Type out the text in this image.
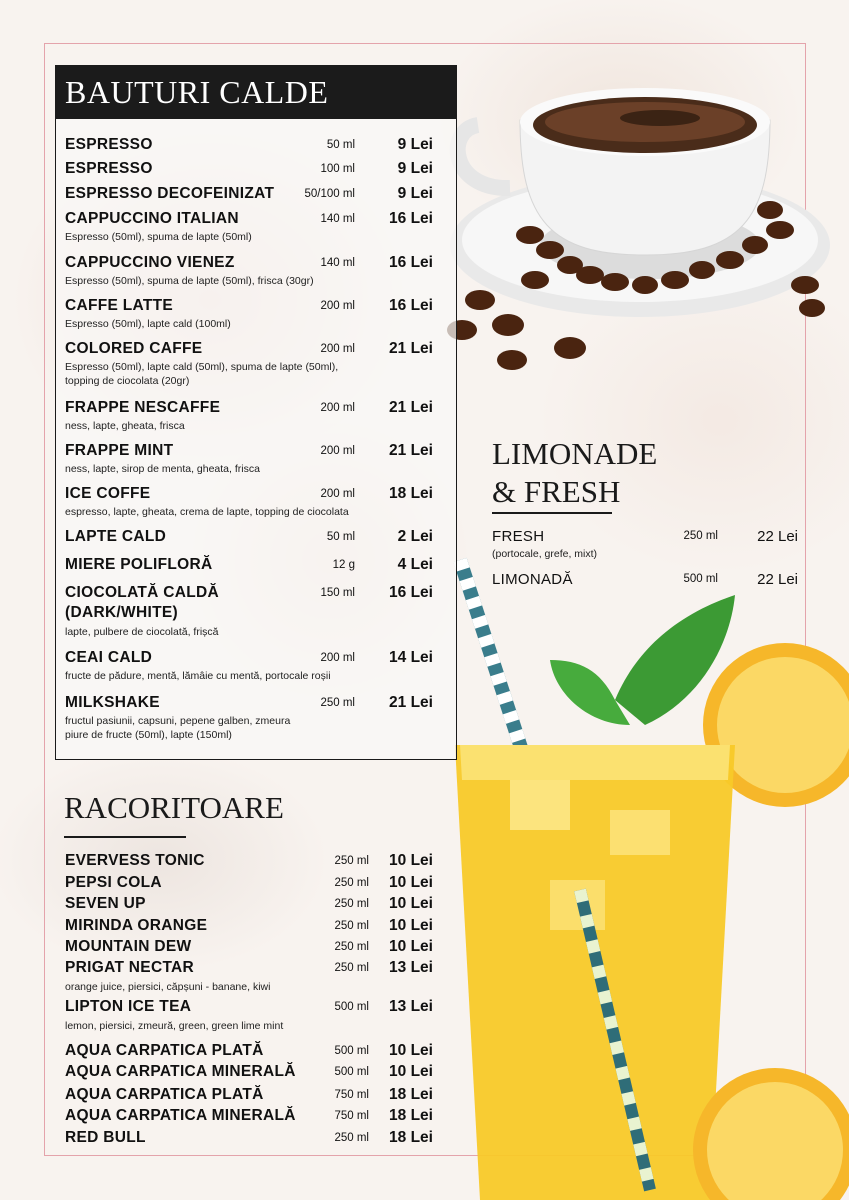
BAUTURI CALDE
ESPRESSO	50 ml	9 Lei
ESPRESSO	100 ml	9 Lei
ESPRESSO DECOFEINIZAT	50/100 ml	9 Lei
CAPPUCCINO ITALIAN	140 ml 16 Lei
Espresso (50ml), spuma de lapte (50ml)
CAPPUCCINO VIENEZ	140 ml 16 Lei
Espresso (50ml), spuma de lapte (50ml), frisca (30gr)
CAFFE LATTE	200 ml 16 Lei
Espresso (50ml), lapte cald (100ml)
COLORED CAFFE	200 ml 21 Lei
Espresso (50ml), lapte cald (50ml), spuma de lapte (50ml),
topping de ciocolata (20gr)
FRAPPE NESCAFFE	200 ml 21 Lei
ness, lapte, gheata, frisca
FRAPPE MINT	200 ml 21 Lei
ness, lapte, sirop de menta, gheata, frisca
ICE COFFE	200 ml 18 Lei
espresso, lapte, gheata, crema de lapte, topping de ciocolata
LAPTE CALD	50 ml	2 Lei
MIERE POLIFLORĂ	12 g	4 Lei
CIOCOLATĂ CALDĂ
(DARK/WHITE)
150 ml 16 Lei
lapte, pulbere de ciocolată, frișcă
CEAI CALD	200 ml 14 Lei
fructe de pădure, mentă, lămâie cu mentă, portocale roșii
MILKSHAKE	250 ml 21 Lei
fructul pasiunii, capsuni, pepene galben, zmeura
piure de fructe (50ml), lapte (150ml)
LIMONADE
& FRESH
FRESH	250 ml	22 Lei
(portocale, grefe, mixt)
LIMONADĂ	500 ml	22 Lei
RACORITOARE
EVERVESS TONIC	250 ml 10 Lei
PEPSI COLA	250 ml 10 Lei
SEVEN UP	250 ml 10 Lei
MIRINDA ORANGE	250 ml 10 Lei
MOUNTAIN DEW	250 ml 10 Lei
PRIGAT NECTAR	250 ml 13 Lei
orange juice, piersici, căpșuni - banane, kiwi
LIPTON ICE TEA	500 ml 13 Lei
lemon, piersici, zmeură, green, green lime mint
AQUA CARPATICA PLATĂ	500 ml 10 Lei
AQUA CARPATICA MINERALĂ	500 ml 10 Lei
AQUA CARPATICA PLATĂ	750 ml 18 Lei
AQUA CARPATICA MINERALĂ	750 ml 18 Lei
RED BULL	250 ml 18 Lei
